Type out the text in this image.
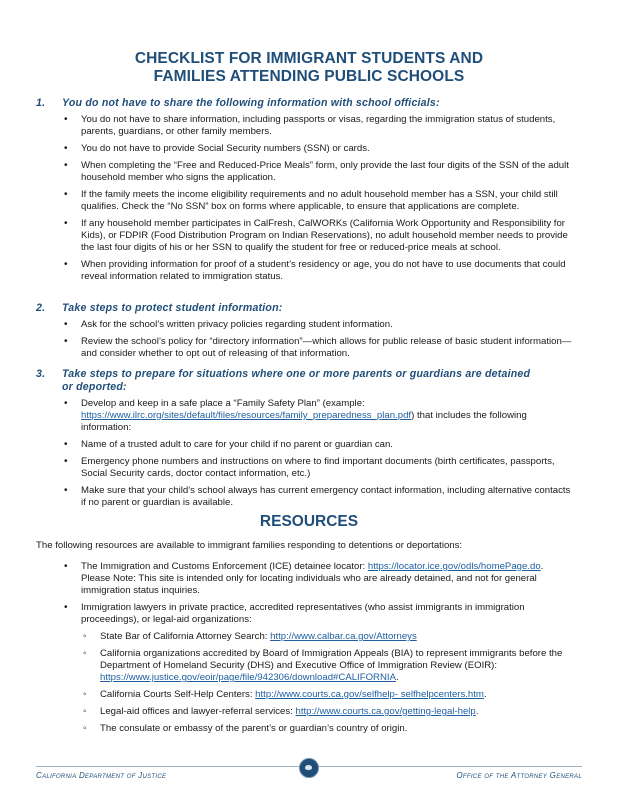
CHECKLIST FOR IMMIGRANT STUDENTS AND
FAMILIES ATTENDING PUBLIC SCHOOLS
1. You do not have to share the following information with school officials:
• You do not have to share information, including passports or visas, regarding the immigration status of students, parents, guardians, or other family members.
• You do not have to provide Social Security numbers (SSN) or cards.
• When completing the “Free and Reduced-Price Meals” form, only provide the last four digits of the SSN of the adult household member who signs the application.
• If the family meets the income eligibility requirements and no adult household member has a SSN, your child still qualifies. Check the “No SSN” box on forms where applicable, to ensure that applications are complete.
• If any household member participates in CalFresh, CalWORKs (California Work Opportunity and Responsibility for Kids), or FDPIR (Food Distribution Program on Indian Reservations), no adult household member needs to provide the last four digits of his or her SSN to qualify the student for free or reduced-price meals at school.
• When providing information for proof of a student’s residency or age, you do not have to use documents that could reveal information related to immigration status.
2. Take steps to protect student information:
• Ask for the school’s written privacy policies regarding student information.
• Review the school’s policy for “directory information”—which allows for public release of basic student information—and consider whether to opt out of releasing of that information.
3. Take steps to prepare for situations where one or more parents or guardians are detained
or deported:
• Develop and keep in a safe place a “Family Safety Plan” (example: https://www.ilrc.org/sites/default/files/resources/family_preparedness_plan.pdf) that includes the following information:
• Name of a trusted adult to care for your child if no parent or guardian can.
• Emergency phone numbers and instructions on where to find important documents (birth certificates, passports, Social Security cards, doctor contact information, etc.)
• Make sure that your child’s school always has current emergency contact information, including alternative contacts if no parent or guardian is available.
RESOURCES
The following resources are available to immigrant families responding to detentions or deportations:
• The Immigration and Customs Enforcement (ICE) detainee locator: https://locator.ice.gov/odls/homePage.do. Please Note: This site is intended only for locating individuals who are already detained, and not for general immigration status inquiries.
• Immigration lawyers in private practice, accredited representatives (who assist immigrants in immigration proceedings), or legal-aid organizations:
◦ State Bar of California Attorney Search: http://www.calbar.ca.gov/Attorneys
◦ California organizations accredited by Board of Immigration Appeals (BIA) to represent immigrants before the Department of Homeland Security (DHS) and Executive Office of Immigration Review (EOIR): https://www.justice.gov/eoir/page/file/942306/download#CALIFORNIA.
◦ California Courts Self-Help Centers: http://www.courts.ca.gov/selfhelp- selfhelpcenters.htm.
◦ Legal-aid offices and lawyer-referral services: http://www.courts.ca.gov/getting-legal-help.
◦ The consulate or embassy of the parent’s or guardian’s country of origin.
California Department of Justice	Office of the Attorney General
